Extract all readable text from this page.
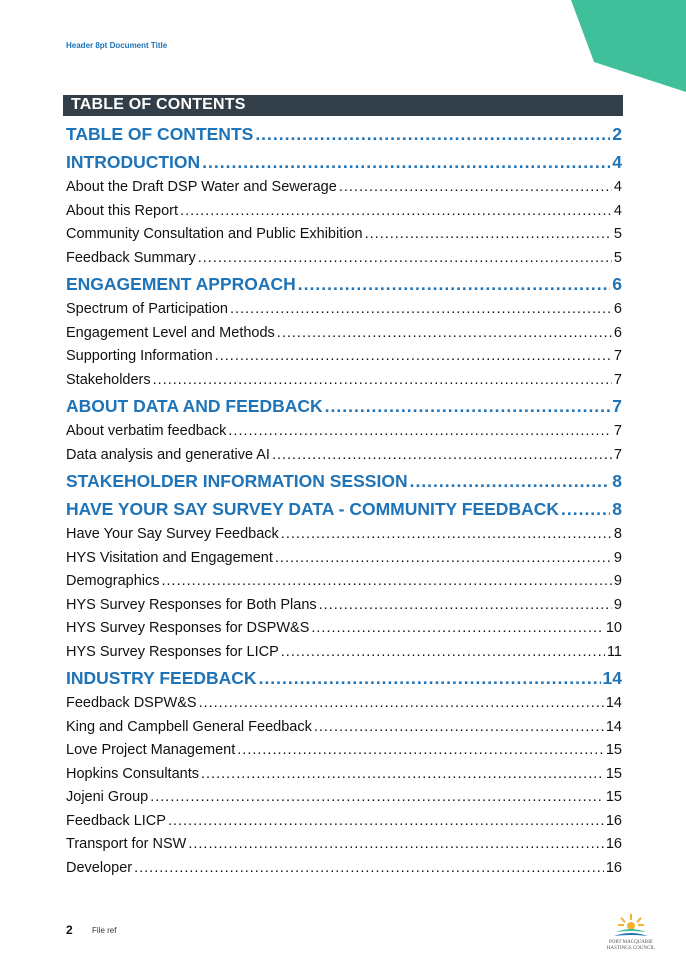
Header 8pt Document Title
TABLE OF CONTENTS
TABLE OF CONTENTS .....	2
INTRODUCTION .....	4
About the Draft DSP Water and Sewerage .....	4
About this Report .....	4
Community Consultation and Public Exhibition .....	5
Feedback Summary .....	5
ENGAGEMENT APPROACH .....	6
Spectrum of Participation .....	6
Engagement Level and Methods .....	6
Supporting Information .....	7
Stakeholders .....	7
ABOUT DATA AND FEEDBACK .....	7
About verbatim feedback .....	7
Data analysis and generative AI .....	7
STAKEHOLDER INFORMATION SESSION .....	8
HAVE YOUR SAY SURVEY DATA - COMMUNITY FEEDBACK .....	8
Have Your Say Survey Feedback .....	8
HYS Visitation and Engagement .....	9
Demographics .....	9
HYS Survey Responses for Both Plans .....	9
HYS Survey Responses for DSPW&S .....	10
HYS Survey Responses for LICP .....	11
INDUSTRY FEEDBACK .....	14
Feedback DSPW&S .....	14
King and Campbell General Feedback .....	14
Love Project Management .....	15
Hopkins Consultants .....	15
Jojeni Group .....	15
Feedback LICP .....	16
Transport for NSW .....	16
Developer .....	16
2 File ref
PORT MACQUARIE HASTINGS COUNCIL
